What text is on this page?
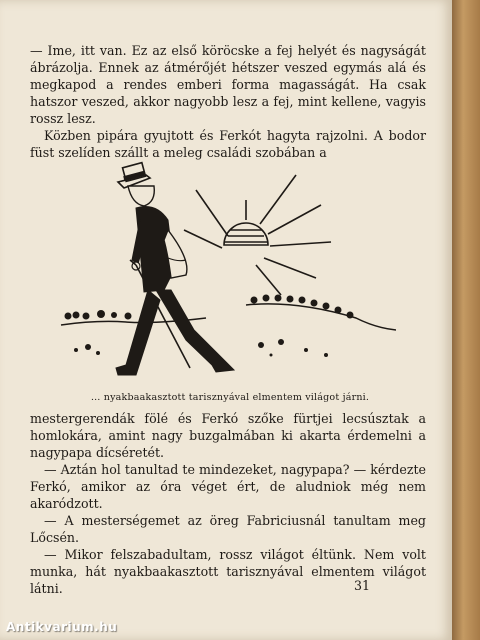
— Ime, itt van. Ez az első köröcske a fej helyét és nagyságát ábrázolja. Ennek az átmérőjét hétszer veszed egymás alá és megkapod a rendes emberi forma magasságát. Ha csak hatszor veszed, akkor nagyobb lesz a fej, mint kellene, vagyis rossz lesz.

Közben pipára gyujtott és Ferkót hagyta rajzolni. A bodor füst szelíden szállt a meleg családi szobában a

… nyakbaakasztott tarisznyával elmentem világot járni.

mestergerendák fölé és Ferkó szőke fürtjei lecsúsztak a homlokára, amint nagy buzgalmában ki akarta érdemelni a nagypapa dícséretét.

— Aztán hol tanultad te mindezeket, nagypapa? — kérdezte Ferkó, amikor az óra véget ért, de aludniok még nem akaródzott.

— A mesterségemet az öreg Fabriciusnál tanultam meg Lőcsén.

— Mikor felszabadultam, rossz világot éltünk. Nem volt munka, hát nyakbaakasztott tarisznyával elmentem világot látni.	31
Antikvarium.hu
